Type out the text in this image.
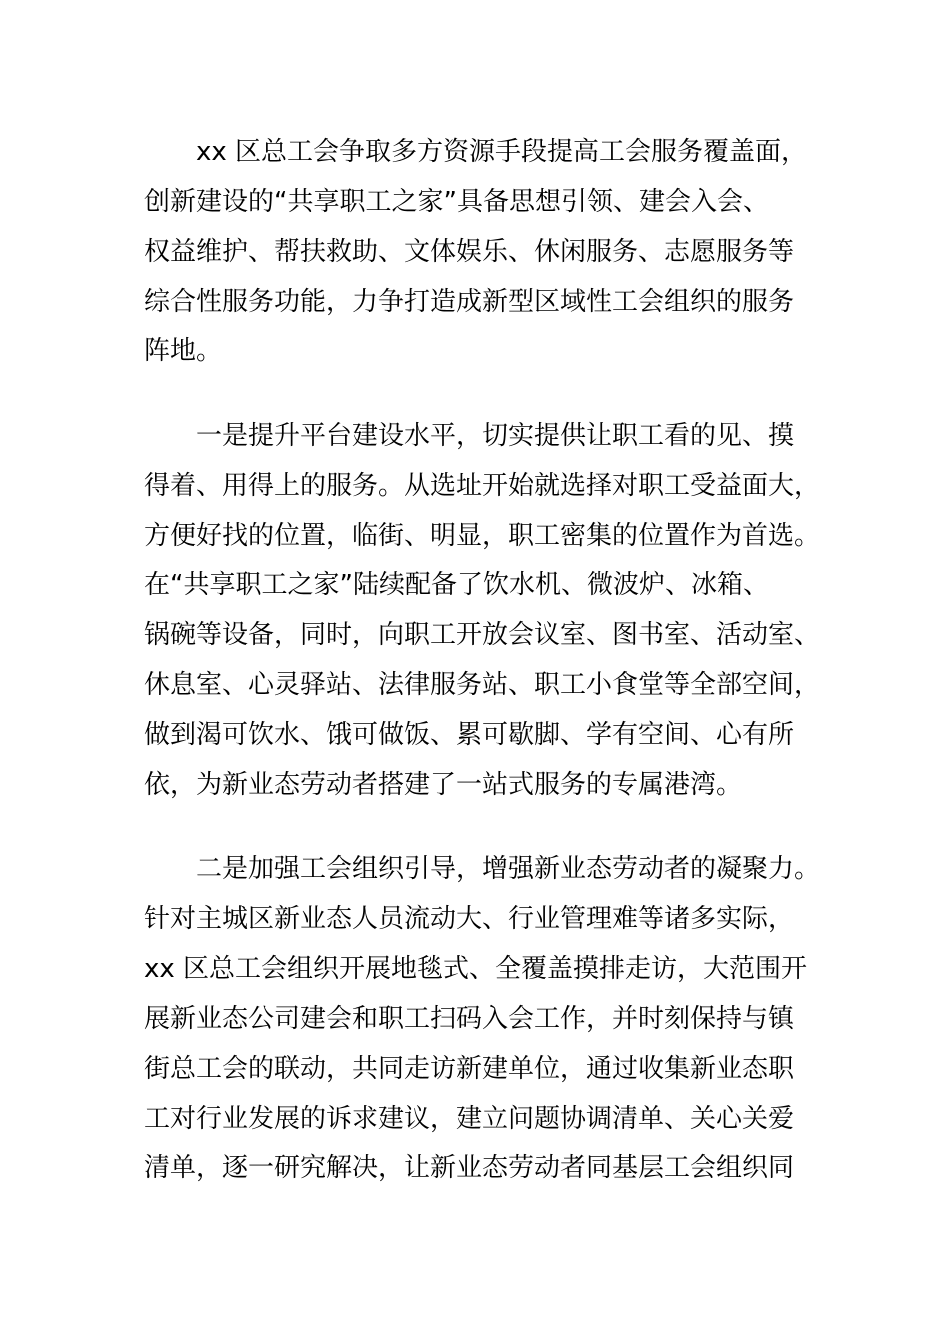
xx 区总工会争取多方资源手段提高工会服务覆盖面，
创新建设的“共享职工之家”具备思想引领、建会入会、
权益维护、帮扶救助、文体娱乐、休闲服务、志愿服务等
综合性服务功能，力争打造成新型区域性工会组织的服务
阵地。
一是提升平台建设水平，切实提供让职工看的见、摸
得着、用得上的服务。从选址开始就选择对职工受益面大，
方便好找的位置，临街、明显，职工密集的位置作为首选。
在“共享职工之家”陆续配备了饮水机、微波炉、冰箱、
锅碗等设备，同时，向职工开放会议室、图书室、活动室、
休息室、心灵驿站、法律服务站、职工小食堂等全部空间，
做到渴可饮水、饿可做饭、累可歇脚、学有空间、心有所
依，为新业态劳动者搭建了一站式服务的专属港湾。
二是加强工会组织引导，增强新业态劳动者的凝聚力。
针对主城区新业态人员流动大、行业管理难等诸多实际，
xx 区总工会组织开展地毯式、全覆盖摸排走访，大范围开
展新业态公司建会和职工扫码入会工作，并时刻保持与镇
街总工会的联动，共同走访新建单位，通过收集新业态职
工对行业发展的诉求建议，建立问题协调清单、关心关爱
清单，逐一研究解决，让新业态劳动者同基层工会组织同
